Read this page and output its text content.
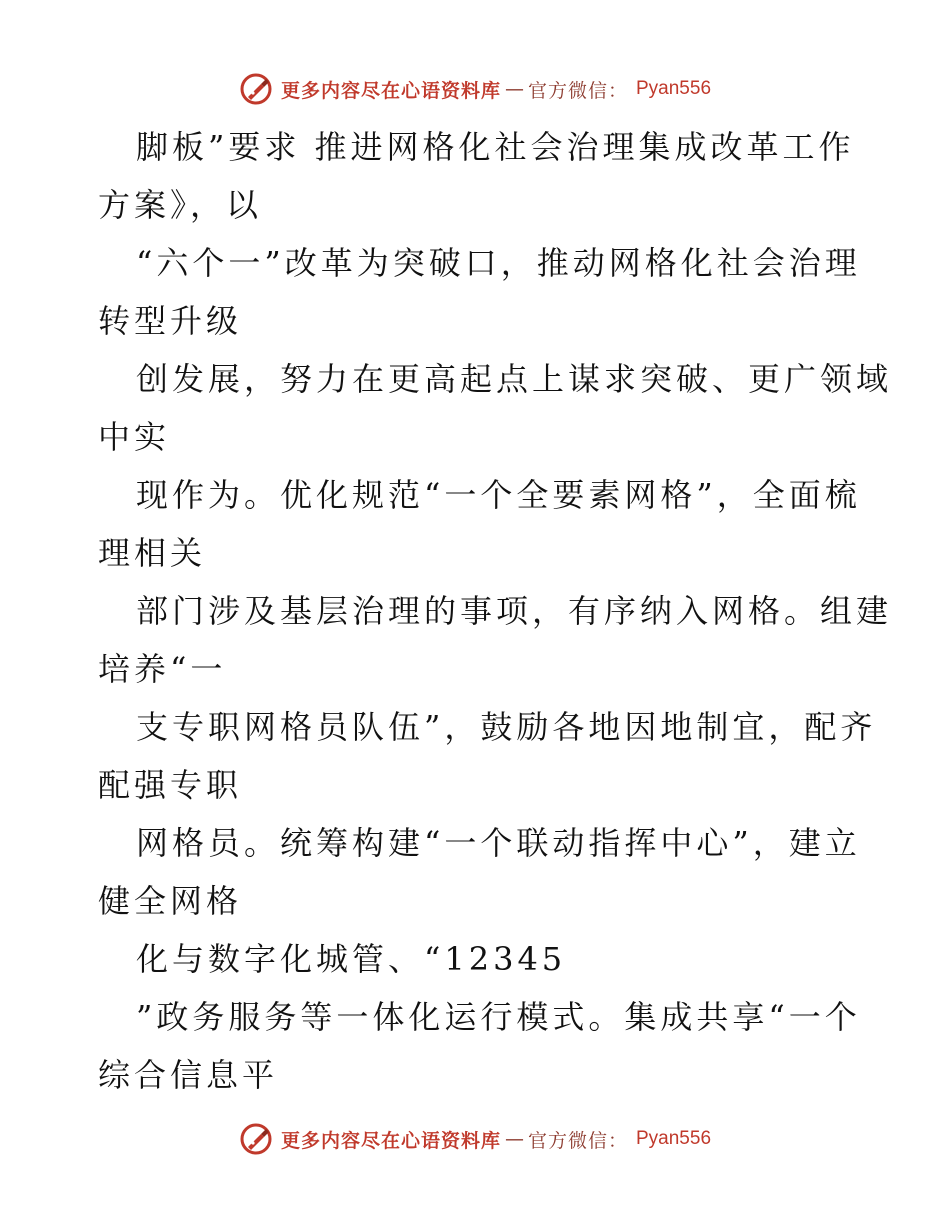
更多内容尽在心语资料库 — 官方微信： Pyan556

脚板”要求 推进网格化社会治理集成改革工作

方案》，以

“六个一”改革为突破口，推动网格化社会治理

转型升级

创发展，努力在更高起点上谋求突破、更广领域

中实

现作为。优化规范“一个全要素网格”，全面梳

理相关

部门涉及基层治理的事项，有序纳入网格。组建

培养“一

支专职网格员队伍”，鼓励各地因地制宜，配齐

配强专职

网格员。统筹构建“一个联动指挥中心”，建立

健全网格

化与数字化城管、“12345

”政务服务等一体化运行模式。集成共享“一个

综合信息平

更多内容尽在心语资料库 — 官方微信： Pyan556
